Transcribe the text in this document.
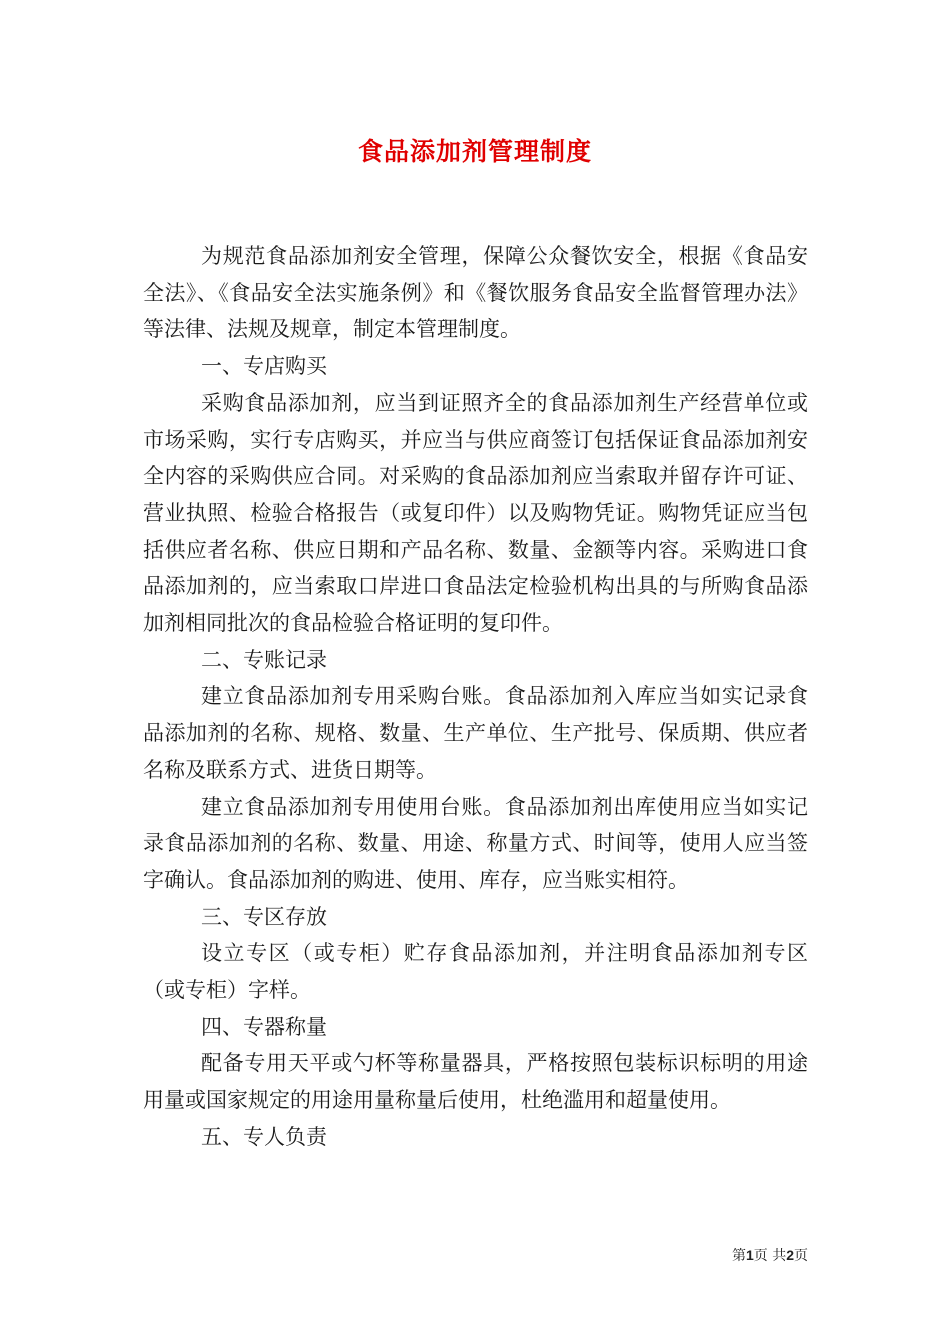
食品添加剂管理制度

为规范食品添加剂安全管理，保障公众餐饮安全，根据《食品安全法》、《食品安全法实施条例》和《餐饮服务食品安全监督管理办法》等法律、法规及规章，制定本管理制度。

一、专店购买

采购食品添加剂，应当到证照齐全的食品添加剂生产经营单位或市场采购，实行专店购买，并应当与供应商签订包括保证食品添加剂安全内容的采购供应合同。对采购的食品添加剂应当索取并留存许可证、营业执照、检验合格报告（或复印件）以及购物凭证。购物凭证应当包括供应者名称、供应日期和产品名称、数量、金额等内容。采购进口食品添加剂的，应当索取口岸进口食品法定检验机构出具的与所购食品添加剂相同批次的食品检验合格证明的复印件。

二、专账记录

建立食品添加剂专用采购台账。食品添加剂入库应当如实记录食品添加剂的名称、规格、数量、生产单位、生产批号、保质期、供应者名称及联系方式、进货日期等。

建立食品添加剂专用使用台账。食品添加剂出库使用应当如实记录食品添加剂的名称、数量、用途、称量方式、时间等，使用人应当签字确认。食品添加剂的购进、使用、库存，应当账实相符。

三、专区存放

设立专区（或专柜）贮存食品添加剂，并注明食品添加剂专区（或专柜）字样。

四、专器称量

配备专用天平或勺杯等称量器具，严格按照包装标识标明的用途用量或国家规定的用途用量称量后使用，杜绝滥用和超量使用。

五、专人负责

第1页 共2页
